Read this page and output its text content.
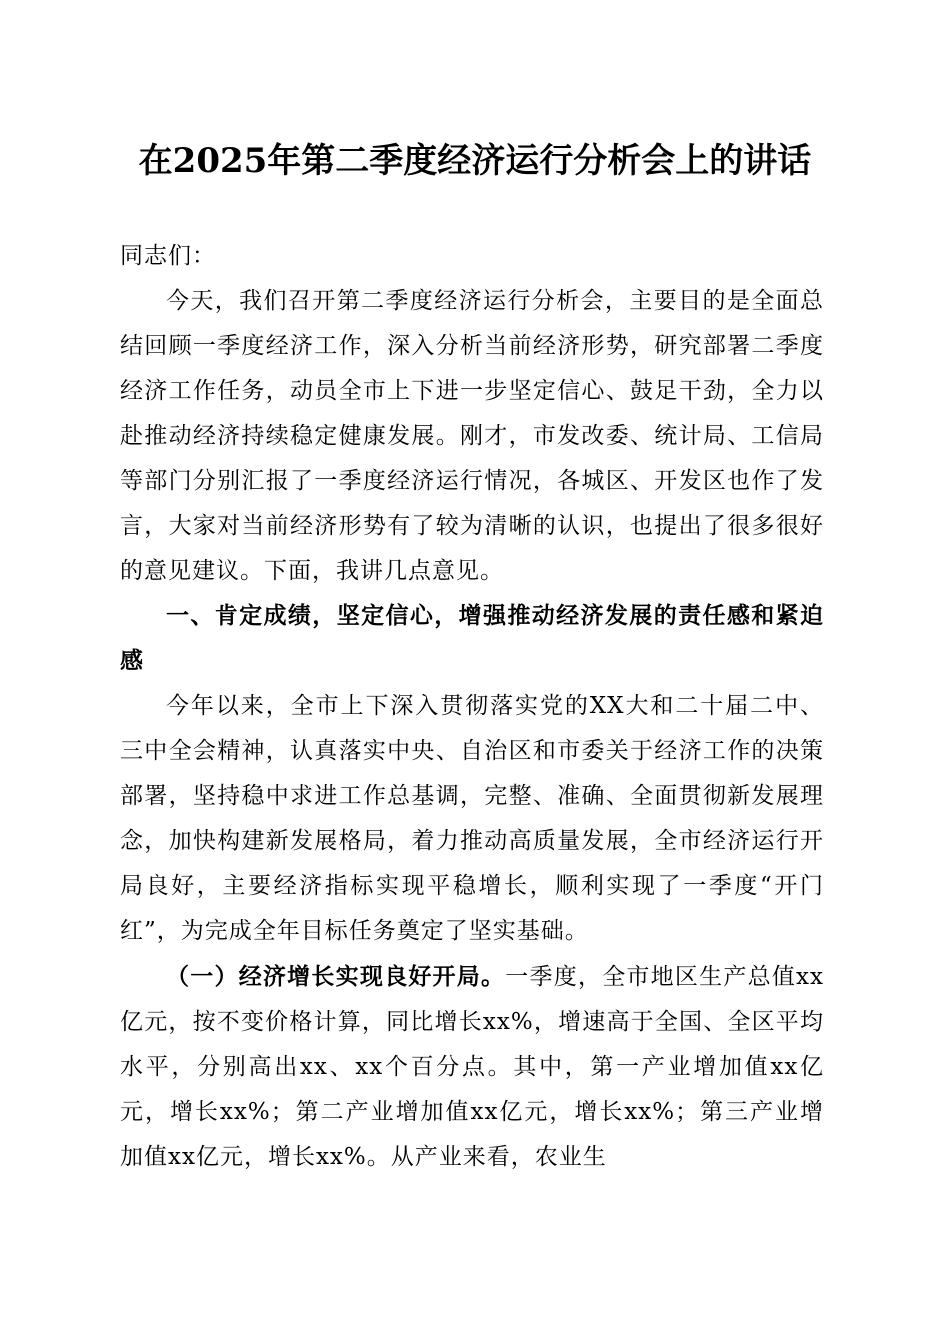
在2025年第二季度经济运行分析会上的讲话

同志们：

今天，我们召开第二季度经济运行分析会，主要目的是全面总结回顾一季度经济工作，深入分析当前经济形势，研究部署二季度经济工作任务，动员全市上下进一步坚定信心、鼓足干劲，全力以赴推动经济持续稳定健康发展。刚才，市发改委、统计局、工信局等部门分别汇报了一季度经济运行情况，各城区、开发区也作了发言，大家对当前经济形势有了较为清晰的认识，也提出了很多很好的意见建议。下面，我讲几点意见。

一、肯定成绩，坚定信心，增强推动经济发展的责任感和紧迫感

今年以来，全市上下深入贯彻落实党的XX大和二十届二中、三中全会精神，认真落实中央、自治区和市委关于经济工作的决策部署，坚持稳中求进工作总基调，完整、准确、全面贯彻新发展理念，加快构建新发展格局，着力推动高质量发展，全市经济运行开局良好，主要经济指标实现平稳增长，顺利实现了一季度“开门红”，为完成全年目标任务奠定了坚实基础。

（一）经济增长实现良好开局。一季度，全市地区生产总值xx亿元，按不变价格计算，同比增长xx%，增速高于全国、全区平均水平，分别高出xx、xx个百分点。其中，第一产业增加值xx亿元，增长xx%；第二产业增加值xx亿元，增长xx%；第三产业增加值xx亿元，增长xx%。从产业来看，农业生
